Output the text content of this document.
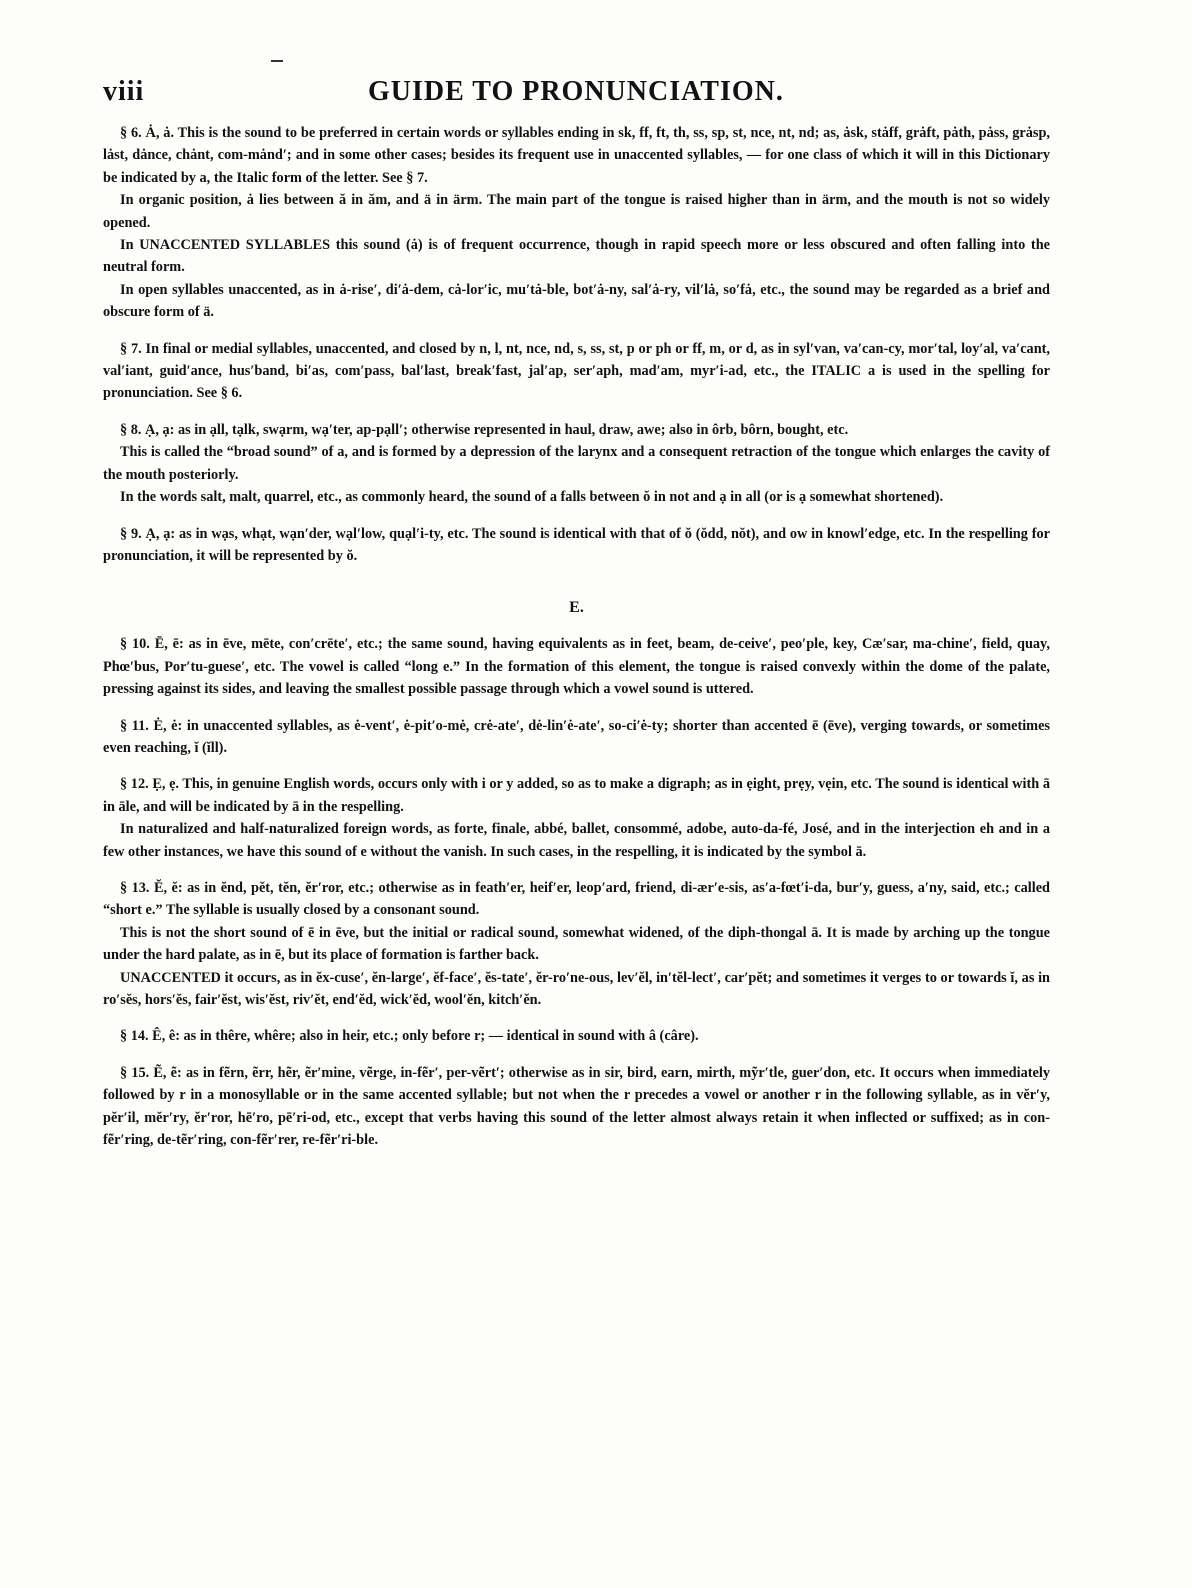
viii	GUIDE TO PRONUNCIATION.

§ 6. Ȧ, ȧ. This is the sound to be preferred in certain words or syllables ending in sk, ff, ft, th, ss, sp, st, nce, nt, nd; as, ȧsk, stȧff, grȧft, pȧth, pȧss, grȧsp, lȧst, dȧnce, chȧnt, com-mȧnd′; and in some other cases; besides its frequent use in unaccented syllables, — for one class of which it will in this Dictionary be indicated by a, the Italic form of the letter. See § 7.

In organic position, ȧ lies between ă in ăm, and ä in ärm. The main part of the tongue is raised higher than in ärm, and the mouth is not so widely opened.

In UNACCENTED SYLLABLES this sound (ȧ) is of frequent occurrence, though in rapid speech more or less obscured and often falling into the neutral form.

In open syllables unaccented, as in ȧ-rise′, di′ȧ-dem, cȧ-lor′ic, mu′tȧ-ble, bot′ȧ-ny, sal′ȧ-ry, vil′lȧ, so′fȧ, etc., the sound may be regarded as a brief and obscure form of ä.

§ 7. In final or medial syllables, unaccented, and closed by n, l, nt, nce, nd, s, ss, st, p or ph or ff, m, or d, as in syl′van, va′can-cy, mor′tal, loy′al, va′cant, val′iant, guid′ance, hus′band, bi′as, com′pass, bal′last, break′fast, jal′ap, ser′aph, mad′am, myr′i-ad, etc., the ITALIC a is used in the spelling for pronunciation. See § 6.

§ 8. Ạ, ạ: as in ạll, tạlk, swạrm, wạ′ter, ap-pạll′; otherwise represented in haul, draw, awe; also in ôrb, bôrn, bought, etc.

This is called the “broad sound” of a, and is formed by a depression of the larynx and a consequent retraction of the tongue which enlarges the cavity of the mouth posteriorly.

In the words salt, malt, quarrel, etc., as commonly heard, the sound of a falls between ŏ in not and ạ in all (or is ạ somewhat shortened).

§ 9. Ạ, ạ: as in wạs, whạt, wạn′der, wạl′low, quạl′i-ty, etc. The sound is identical with that of ŏ (ŏdd, nŏt), and ow in knowl′edge, etc. In the respelling for pronunciation, it will be represented by ŏ.

E.

§ 10. Ē, ē: as in ēve, mēte, con′crēte′, etc.; the same sound, having equivalents as in feet, beam, de-ceive′, peo′ple, key, Cæ′sar, ma-chine′, field, quay, Phœ′bus, Por′tu-guese′, etc. The vowel is called “long e.” In the formation of this element, the tongue is raised convexly within the dome of the palate, pressing against its sides, and leaving the smallest possible passage through which a vowel sound is uttered.

§ 11. Ė, ė: in unaccented syllables, as ė-vent′, ė-pit′o-mė, crė-ate′, dė-lin′ė-ate′, so-ci′ė-ty; shorter than accented ē (ēve), verging towards, or sometimes even reaching, ĭ (ĭll).

§ 12. Ẹ, ẹ. This, in genuine English words, occurs only with i or y added, so as to make a digraph; as in ẹight, prẹy, vẹin, etc. The sound is identical with ā in āle, and will be indicated by ā in the respelling.

In naturalized and half-naturalized foreign words, as forte, finale, abbé, ballet, consommé, adobe, auto-da-fé, José, and in the interjection eh and in a few other instances, we have this sound of e without the vanish. In such cases, in the respelling, it is indicated by the symbol ā.

§ 13. Ĕ, ĕ: as in ĕnd, pĕt, tĕn, ĕr′ror, etc.; otherwise as in feath′er, heif′er, leop′ard, friend, di-ær′e-sis, as′a-fœt′i-da, bur′y, guess, a′ny, said, etc.; called “short e.” The syllable is usually closed by a consonant sound.

This is not the short sound of ē in ēve, but the initial or radical sound, somewhat widened, of the diph-thongal ā. It is made by arching up the tongue under the hard palate, as in ē, but its place of formation is farther back.

UNACCENTED it occurs, as in ĕx-cuse′, ĕn-large′, ĕf-face′, ĕs-tate′, ĕr-ro′ne-ous, lev′ĕl, in′tĕl-lect′, car′pĕt; and sometimes it verges to or towards ĭ, as in ro′sĕs, hors′ĕs, fair′ĕst, wis′ĕst, riv′ĕt, end′ĕd, wick′ĕd, wool′ĕn, kitch′ĕn.

§ 14. Ê, ê: as in thêre, whêre; also in heir, etc.; only before r; — identical in sound with â (câre).

§ 15. Ẽ, ẽ: as in fẽrn, ẽrr, hẽr, ẽr′mine, vẽrge, in-fẽr′, per-vẽrt′; otherwise as in sir, bird, earn, mirth, mỹr′tle, guer′don, etc. It occurs when immediately followed by r in a monosyllable or in the same accented syllable; but not when the r precedes a vowel or another r in the following syllable, as in vĕr′y, pĕr′il, mĕr′ry, ĕr′ror, hē′ro, pē′ri-od, etc., except that verbs having this sound of the letter almost always retain it when inflected or suffixed; as in con-fẽr′ring, de-tẽr′ring, con-fẽr′rer, re-fẽr′ri-ble.
